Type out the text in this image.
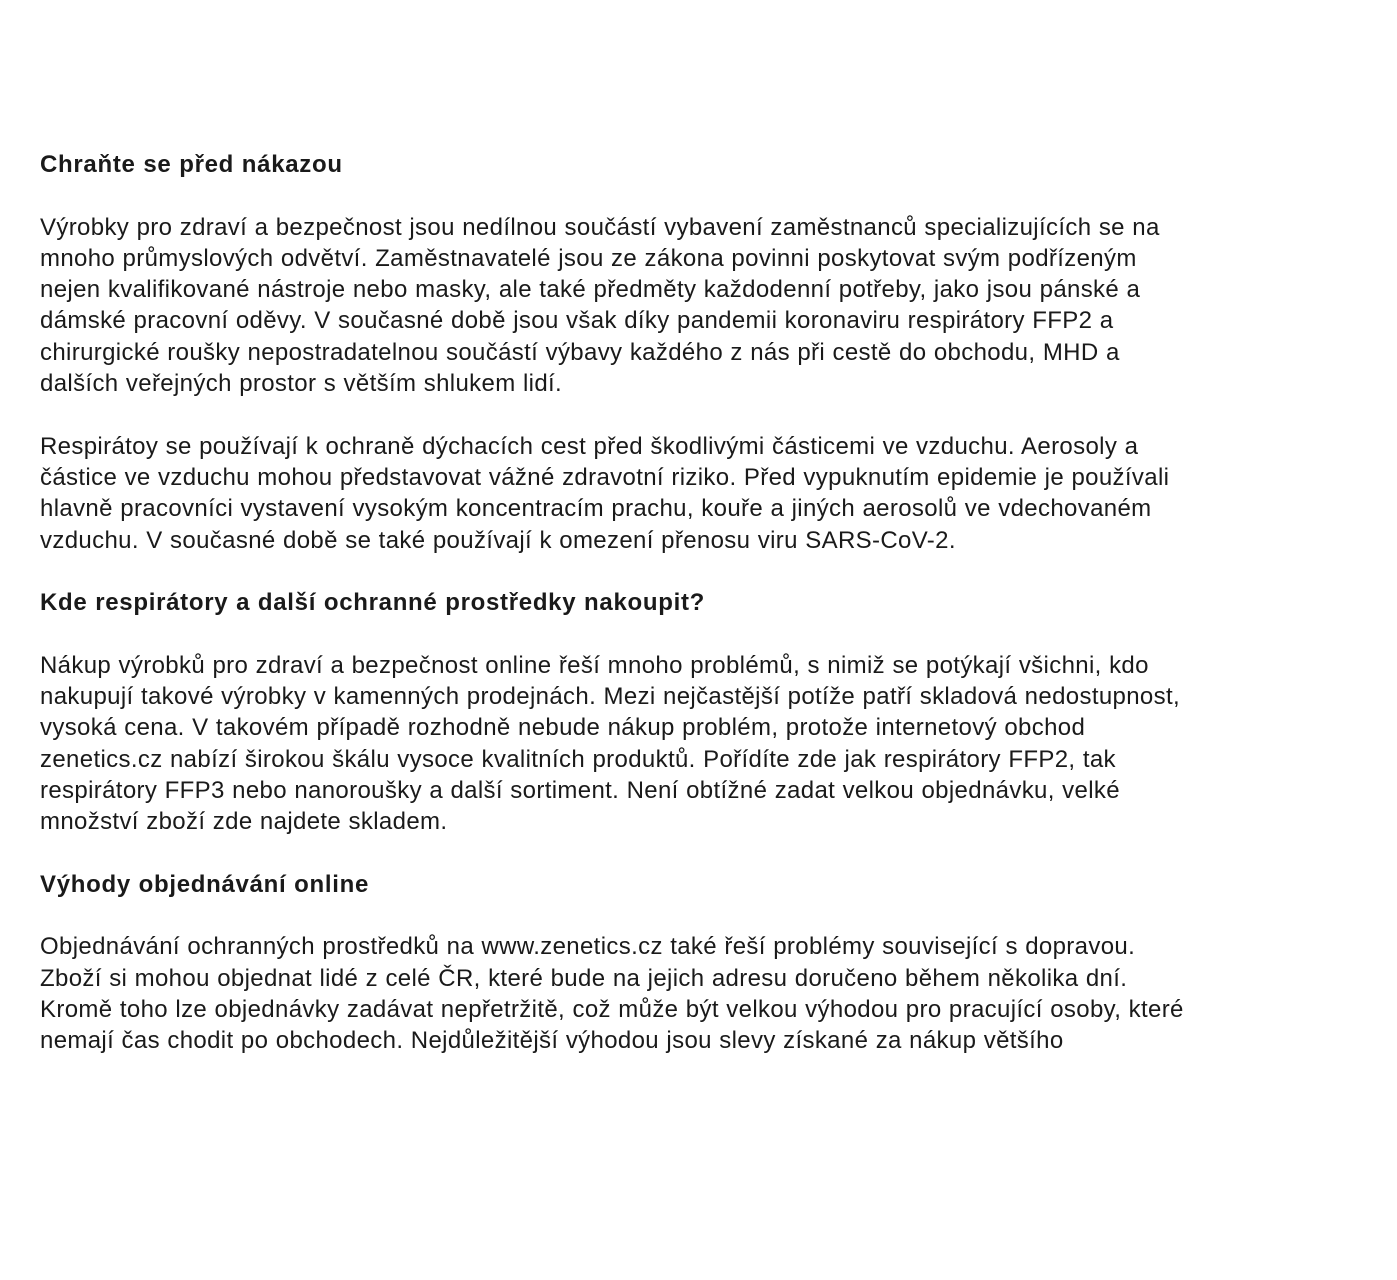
Chraňte se před nákazou

Výrobky pro zdraví a bezpečnost jsou nedílnou součástí vybavení zaměstnanců specializujících se na
mnoho průmyslových odvětví. Zaměstnavatelé jsou ze zákona povinni poskytovat svým podřízeným
nejen kvalifikované nástroje nebo masky, ale také předměty každodenní potřeby, jako jsou pánské a
dámské pracovní oděvy. V současné době jsou však díky pandemii koronaviru respirátory FFP2 a
chirurgické roušky nepostradatelnou součástí výbavy každého z nás při cestě do obchodu, MHD a
dalších veřejných prostor s větším shlukem lidí.

Respirátoy se používají k ochraně dýchacích cest před škodlivými částicemi ve vzduchu. Aerosoly a
částice ve vzduchu mohou představovat vážné zdravotní riziko. Před vypuknutím epidemie je používali
hlavně pracovníci vystavení vysokým koncentracím prachu, kouře a jiných aerosolů ve vdechovaném
vzduchu. V současné době se také používají k omezení přenosu viru SARS-CoV-2.

Kde respirátory a další ochranné prostředky nakoupit?

Nákup výrobků pro zdraví a bezpečnost online řeší mnoho problémů, s nimiž se potýkají všichni, kdo
nakupují takové výrobky v kamenných prodejnách. Mezi nejčastější potíže patří skladová nedostupnost,
vysoká cena. V takovém případě rozhodně nebude nákup problém, protože internetový obchod
zenetics.cz nabízí širokou škálu vysoce kvalitních produktů. Pořídíte zde jak respirátory FFP2, tak
respirátory FFP3 nebo nanoroušky a další sortiment. Není obtížné zadat velkou objednávku, velké
množství zboží zde najdete skladem.

Výhody objednávání online

Objednávání ochranných prostředků na www.zenetics.cz také řeší problémy související s dopravou.
Zboží si mohou objednat lidé z celé ČR, které bude na jejich adresu doručeno během několika dní.
Kromě toho lze objednávky zadávat nepřetržitě, což může být velkou výhodou pro pracující osoby, které
nemají čas chodit po obchodech. Nejdůležitější výhodou jsou slevy získané za nákup většího
